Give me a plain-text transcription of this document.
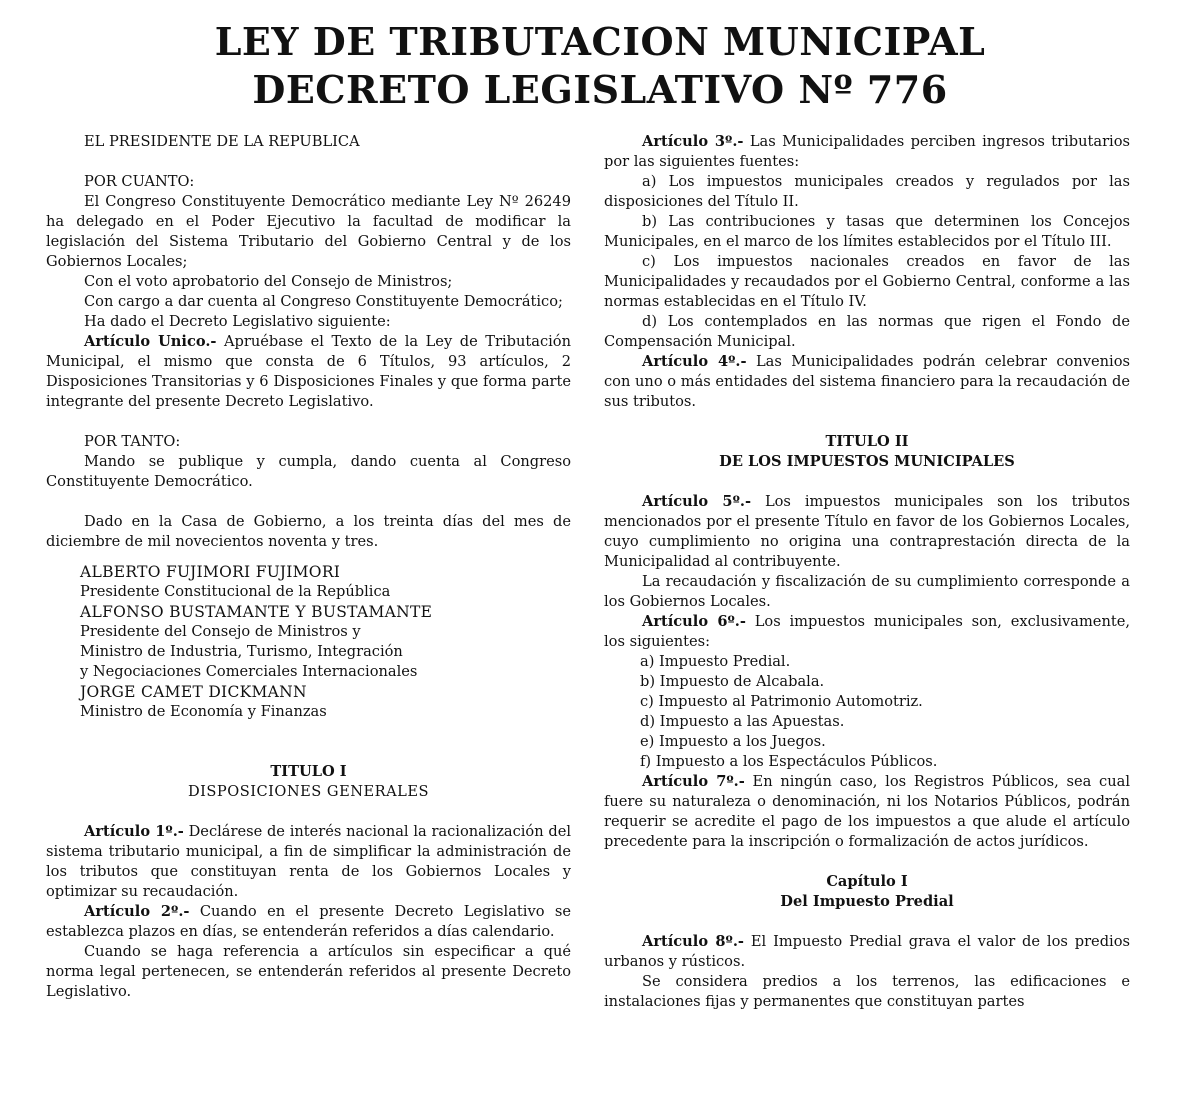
LEY DE TRIBUTACION MUNICIPAL
DECRETO LEGISLATIVO Nº 776

EL PRESIDENTE DE LA REPUBLICA

POR CUANTO:

El Congreso Constituyente Democrático mediante Ley Nº 26249 ha delegado en el Poder Ejecutivo la facultad de modificar la legislación del Sistema Tributario del Gobierno Central y de los Gobiernos Locales;

Con el voto aprobatorio del Consejo de Ministros;

Con cargo a dar cuenta al Congreso Constituyente Democrático;

Ha dado el Decreto Legislativo siguiente:

Artículo Unico.- Apruébase el Texto de la Ley de Tributación Municipal, el mismo que consta de 6 Títulos, 93 artículos, 2 Disposiciones Transitorias y 6 Disposiciones Finales y que forma parte integrante del presente Decreto Legislativo.

POR TANTO:

Mando se publique y cumpla, dando cuenta al Congreso Constituyente Democrático.

Dado en la Casa de Gobierno, a los treinta días del mes de diciembre de mil novecientos noventa y tres.

ALBERTO FUJIMORI FUJIMORI
Presidente Constitucional de la República
ALFONSO BUSTAMANTE Y BUSTAMANTE
Presidente del Consejo de Ministros y
Ministro de Industria, Turismo, Integración
y Negociaciones Comerciales Internacionales
JORGE CAMET DICKMANN
Ministro de Economía y Finanzas

TITULO I

DISPOSICIONES GENERALES

Artículo 1º.- Declárese de interés nacional la racionalización del sistema tributario municipal, a fin de simplificar la administración de los tributos que constituyan renta de los Gobiernos Locales y optimizar su recaudación.

Artículo 2º.- Cuando en el presente Decreto Legislativo se establezca plazos en días, se entenderán referidos a días calendario.

Cuando se haga referencia a artículos sin especificar a qué norma legal pertenecen, se entenderán referidos al presente Decreto Legislativo.

Artículo 3º.- Las Municipalidades perciben ingresos tributarios por las siguientes fuentes:

a) Los impuestos municipales creados y regulados por las disposiciones del Título II.

b) Las contribuciones y tasas que determinen los Concejos Municipales, en el marco de los límites establecidos por el Título III.

c) Los impuestos nacionales creados en favor de las Municipalidades y recaudados por el Gobierno Central, conforme a las normas establecidas en el Título IV.

d) Los contemplados en las normas que rigen el Fondo de Compensación Municipal.

Artículo 4º.- Las Municipalidades podrán celebrar convenios con uno o más entidades del sistema financiero para la recaudación de sus tributos.

TITULO II

DE LOS IMPUESTOS MUNICIPALES

Artículo 5º.- Los impuestos municipales son los tributos mencionados por el presente Título en favor de los Gobiernos Locales, cuyo cumplimiento no origina una contraprestación directa de la Municipalidad al contribuyente.

La recaudación y fiscalización de su cumplimiento corresponde a los Gobiernos Locales.

Artículo 6º.- Los impuestos municipales son, exclusivamente, los siguientes:

a) Impuesto Predial.

b) Impuesto de Alcabala.

c) Impuesto al Patrimonio Automotriz.

d) Impuesto a las Apuestas.

e) Impuesto a los Juegos.

f) Impuesto a los Espectáculos Públicos.

Artículo 7º.- En ningún caso, los Registros Públicos, sea cual fuere su naturaleza o denominación, ni los Notarios Públicos, podrán requerir se acredite el pago de los impuestos a que alude el artículo precedente para la inscripción o formalización de actos jurídicos.

Capítulo I

Del Impuesto Predial

Artículo 8º.- El Impuesto Predial grava el valor de los predios urbanos y rústicos.

Se considera predios a los terrenos, las edificaciones e instalaciones fijas y permanentes que constituyan partes
